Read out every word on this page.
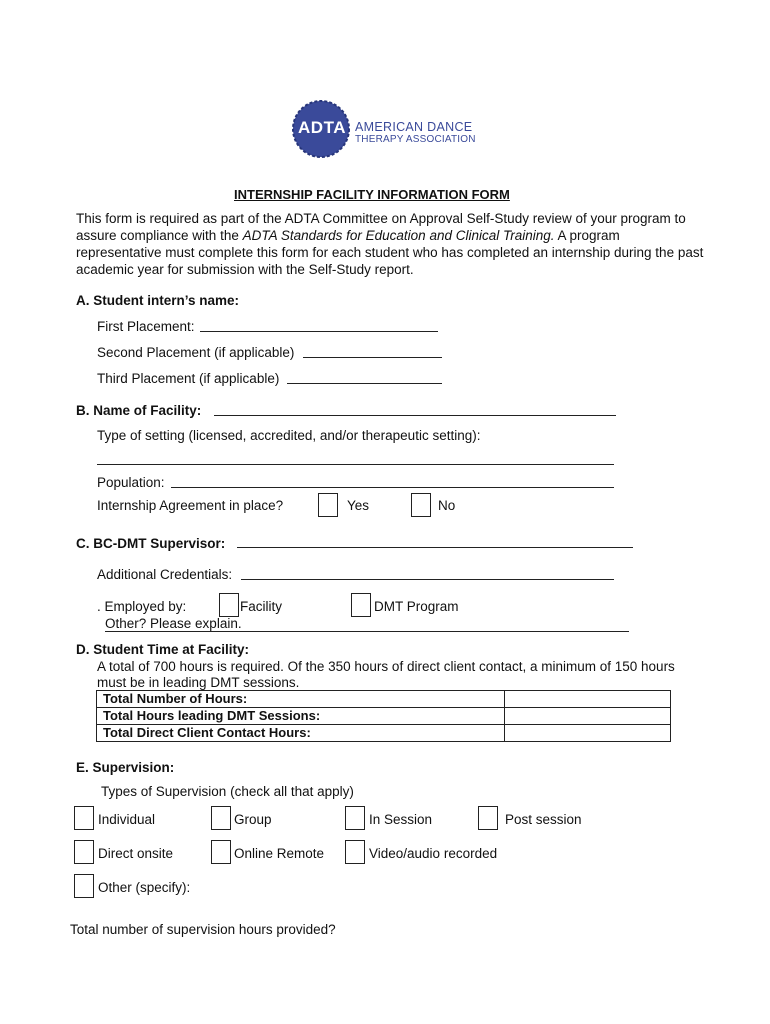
ADTA AMERICAN DANCE
THERAPY ASSOCIATION
INTERNSHIP FACILITY INFORMATION FORM
This form is required as part of the ADTA Committee on Approval Self-Study review of your program to
assure compliance with the ADTA Standards for Education and Clinical Training. A program
representative must complete this form for each student who has completed an internship during the past
academic year for submission with the Self-Study report.
A. Student intern’s name:
First Placement:
Second Placement (if applicable)
Third Placement (if applicable)
B. Name of Facility:
Type of setting (licensed, accredited, and/or therapeutic setting):
Population:
Internship Agreement in place?	Yes	No
C. BC-DMT Supervisor:
Additional Credentials:
. Employed by:	Facility	DMT Program
Other? Please explain.
D. Student Time at Facility:
A total of 700 hours is required. Of the 350 hours of direct client contact, a minimum of 150 hours
must be in leading DMT sessions.
Total Number of Hours:	
Total Hours leading DMT Sessions:	
Total Direct Client Contact Hours:	
E. Supervision:
Types of Supervision (check all that apply)
Individual	Group	In Session	Post session
Direct onsite	Online Remote	Video/audio recorded
Other (specify):
Total number of supervision hours provided?
